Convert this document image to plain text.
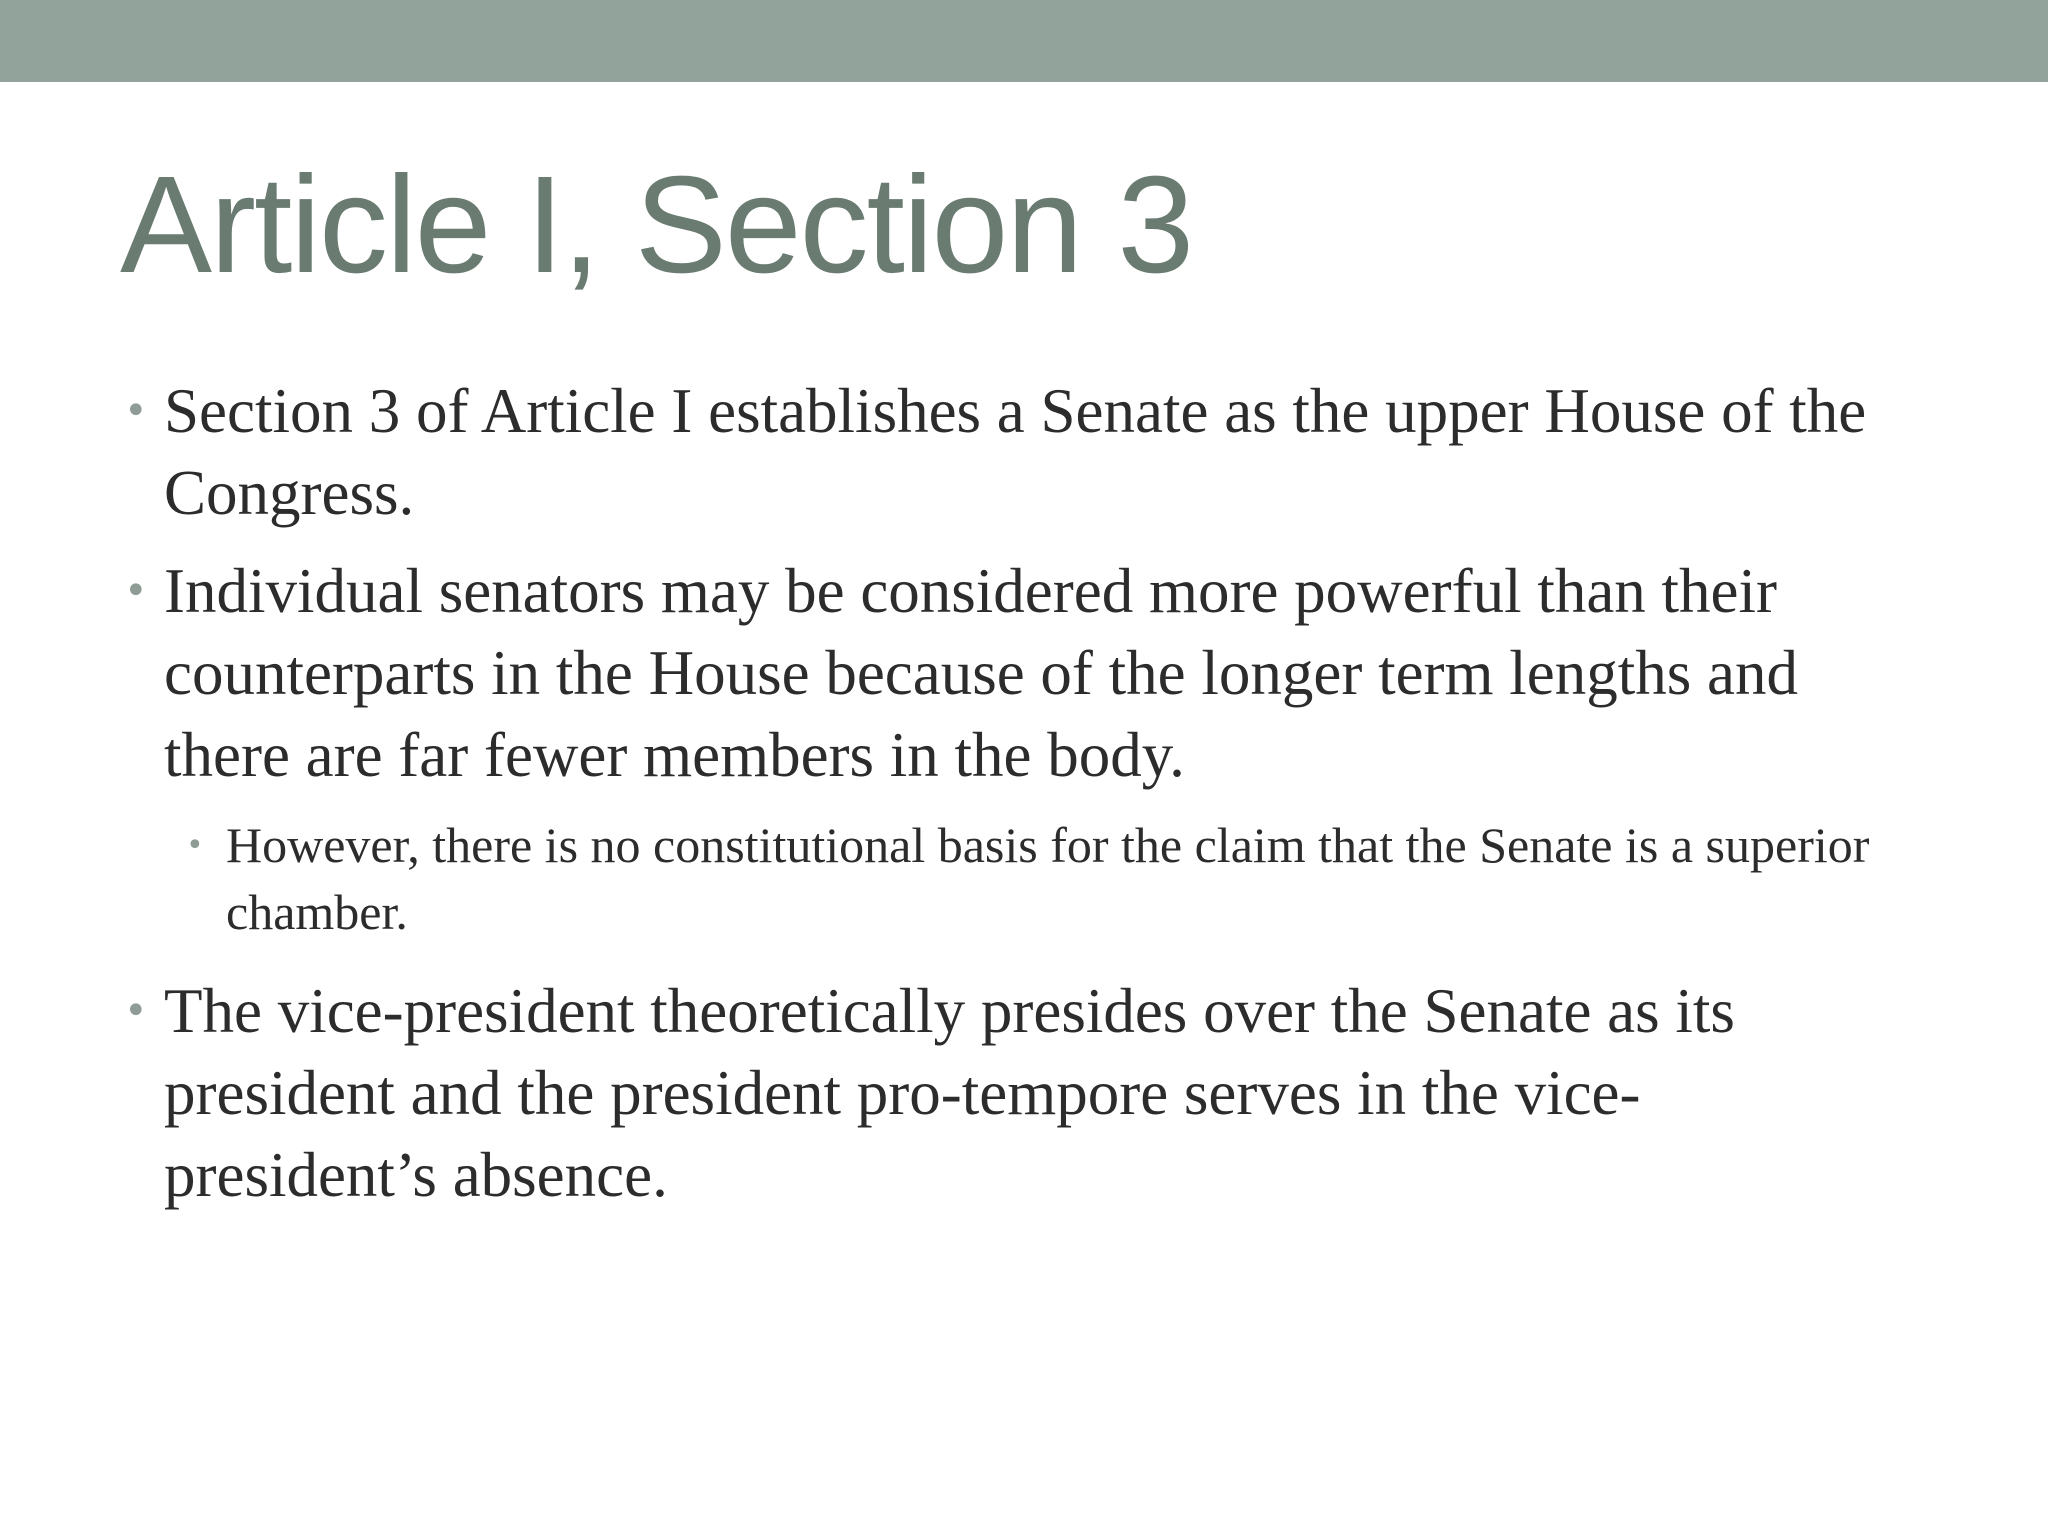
Article I, Section 3
• Section 3 of Article I establishes a Senate as the upper House of the Congress.
• Individual senators may be considered more powerful than their counterparts in the House because of the longer term lengths and there are far fewer members in the body.
• However, there is no constitutional basis for the claim that the Senate is a superior chamber.
• The vice-president theoretically presides over the Senate as its president and the president pro-tempore serves in the vice-president’s absence.
